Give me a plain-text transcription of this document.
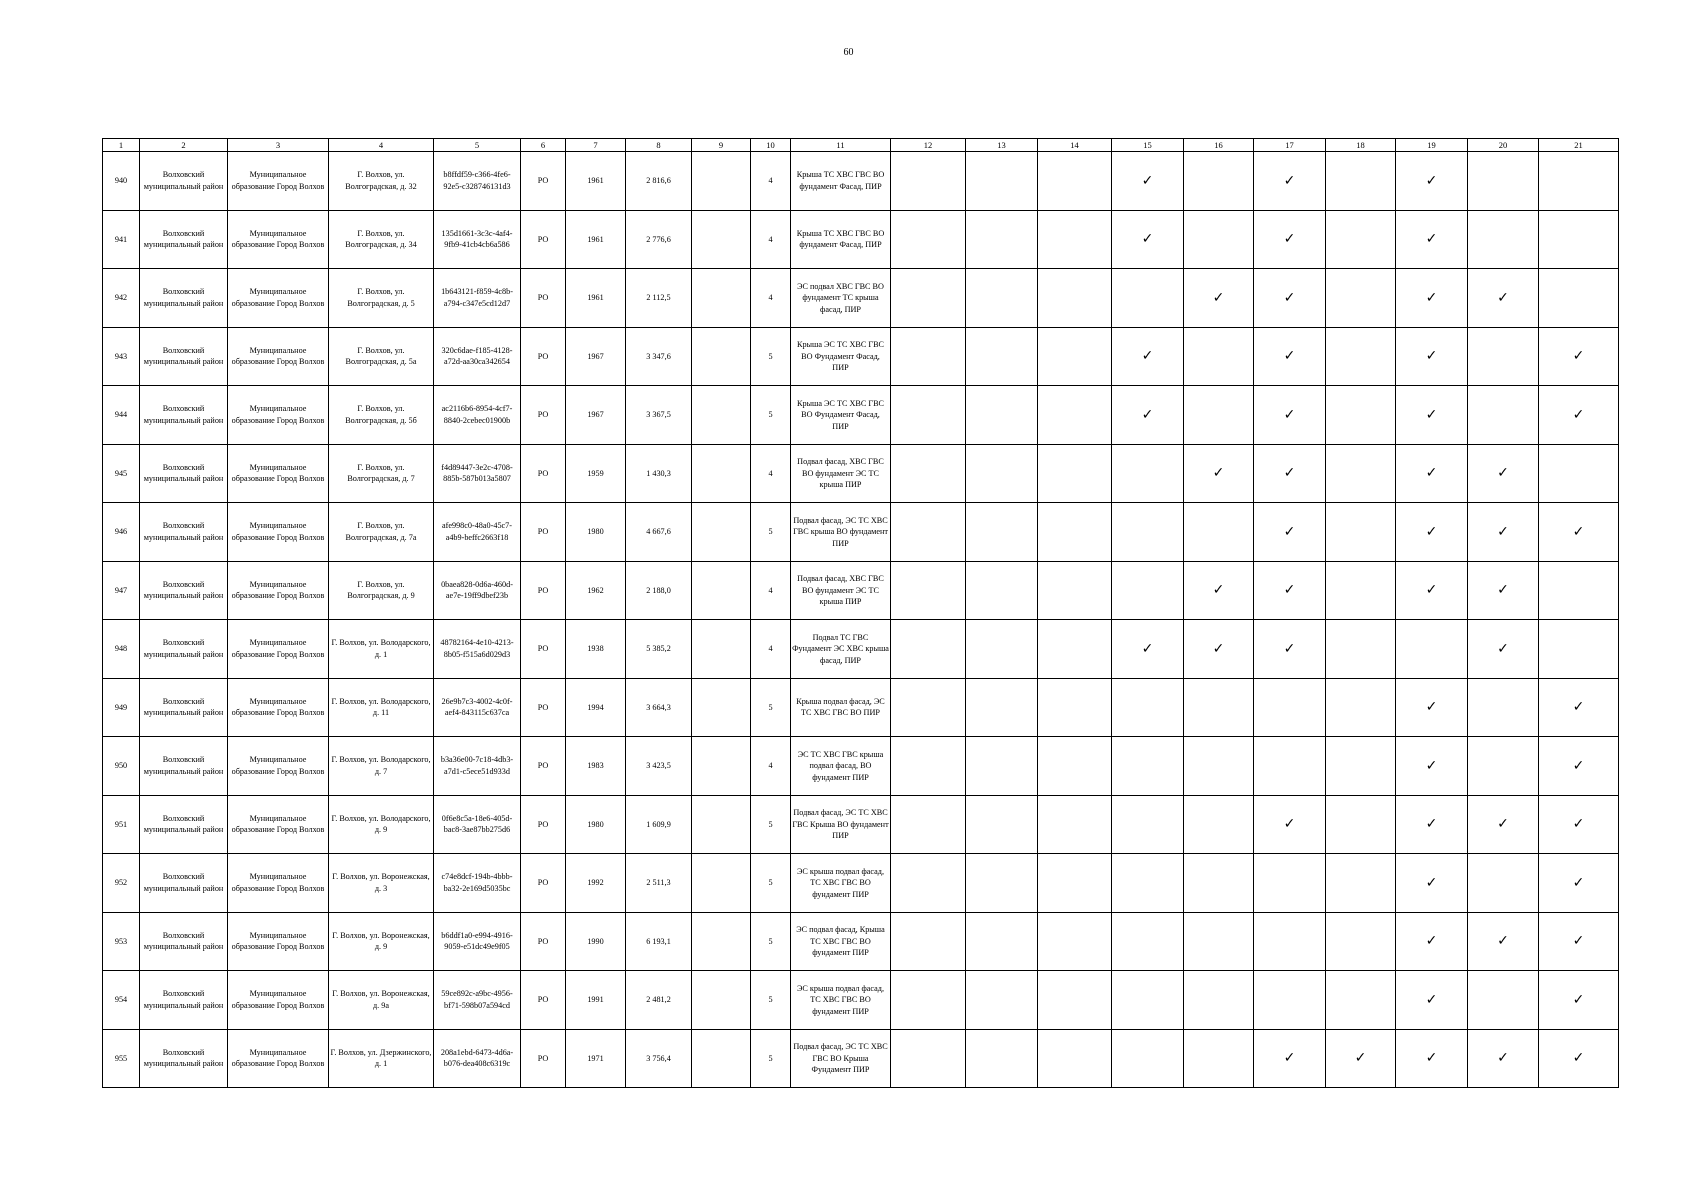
60
1	2	3	4	5	6	7	8	9	10	11	12	13	14	15	16	17	18	19	20	21
940	Волховский муниципальный район	Муниципальное образование Город Волхов	Г. Волхов, ул. Волгоградская, д. 32	b8ffdf59-c366-4fe6-92e5-c328746131d3	РО	1961	2 816,6		4	Крыша ТС ХВС ГВС ВО фундамент Фасад, ПИР				✓		✓		✓		
941	Волховский муниципальный район	Муниципальное образование Город Волхов	Г. Волхов, ул. Волгоградская, д. 34	135d1661-3c3c-4af4-9fb9-41cb4cb6a586	РО	1961	2 776,6		4	Крыша ТС ХВС ГВС ВО фундамент Фасад, ПИР				✓		✓		✓		
942	Волховский муниципальный район	Муниципальное образование Город Волхов	Г. Волхов, ул. Волгоградская, д. 5	1b643121-f859-4c8b-a794-c347e5cd12d7	РО	1961	2 112,5		4	ЭС подвал ХВС ГВС ВО фундамент ТС крыша фасад, ПИР					✓	✓		✓	✓	
943	Волховский муниципальный район	Муниципальное образование Город Волхов	Г. Волхов, ул. Волгоградская, д. 5а	320c6dae-f185-4128-a72d-aa30ca342654	РО	1967	3 347,6		5	Крыша ЭС ТС ХВС ГВС ВО Фундамент Фасад, ПИР				✓		✓		✓		✓
944	Волховский муниципальный район	Муниципальное образование Город Волхов	Г. Волхов, ул. Волгоградская, д. 5б	ac2116b6-8954-4cf7-8840-2cebec01900b	РО	1967	3 367,5		5	Крыша ЭС ТС ХВС ГВС ВО Фундамент Фасад, ПИР				✓		✓		✓		✓
945	Волховский муниципальный район	Муниципальное образование Город Волхов	Г. Волхов, ул. Волгоградская, д. 7	f4d89447-3e2c-4708-885b-587b013a5807	РО	1959	1 430,3		4	Подвал фасад, ХВС ГВС ВО фундамент ЭС ТС крыша ПИР					✓	✓		✓	✓	
946	Волховский муниципальный район	Муниципальное образование Город Волхов	Г. Волхов, ул. Волгоградская, д. 7а	afe998c0-48a0-45c7-a4b9-beffc2663f18	РО	1980	4 667,6		5	Подвал фасад, ЭС ТС ХВС ГВС крыша ВО фундамент ПИР						✓		✓	✓	✓
947	Волховский муниципальный район	Муниципальное образование Город Волхов	Г. Волхов, ул. Волгоградская, д. 9	0baea828-0d6a-460d-ae7e-19ff9dbef23b	РО	1962	2 188,0		4	Подвал фасад, ХВС ГВС ВО фундамент ЭС ТС крыша ПИР					✓	✓		✓	✓	
948	Волховский муниципальный район	Муниципальное образование Город Волхов	Г. Волхов, ул. Володарского, д. 1	48782164-4e10-4213-8b05-f515a6d029d3	РО	1938	5 385,2		4	Подвал ТС ГВС Фундамент ЭС ХВС крыша фасад, ПИР				✓	✓	✓			✓	
949	Волховский муниципальный район	Муниципальное образование Город Волхов	Г. Волхов, ул. Володарского, д. 11	26e9b7c3-4002-4c0f-aef4-843115c637ca	РО	1994	3 664,3		5	Крыша подвал фасад, ЭС ТС ХВС ГВС ВО ПИР								✓		✓
950	Волховский муниципальный район	Муниципальное образование Город Волхов	Г. Волхов, ул. Володарского, д. 7	b3a36e00-7c18-4db3-a7d1-c5ece51d933d	РО	1983	3 423,5		4	ЭС ТС ХВС ГВС крыша подвал фасад, ВО фундамент ПИР								✓		✓
951	Волховский муниципальный район	Муниципальное образование Город Волхов	Г. Волхов, ул. Володарского, д. 9	0f6e8c5a-18e6-405d-bac8-3ae87bb275d6	РО	1980	1 609,9		5	Подвал фасад, ЭС ТС ХВС ГВС Крыша ВО фундамент ПИР						✓		✓	✓	✓
952	Волховский муниципальный район	Муниципальное образование Город Волхов	Г. Волхов, ул. Воронежская, д. 3	c74e8dcf-194b-4bbb-ba32-2e169d5035bc	РО	1992	2 511,3		5	ЭС крыша подвал фасад, ТС ХВС ГВС ВО фундамент ПИР								✓		✓
953	Волховский муниципальный район	Муниципальное образование Город Волхов	Г. Волхов, ул. Воронежская, д. 9	b6ddf1a0-e994-4916-9059-e51dc49e9f05	РО	1990	6 193,1		5	ЭС подвал фасад, Крыша ТС ХВС ГВС ВО фундамент ПИР								✓	✓	✓
954	Волховский муниципальный район	Муниципальное образование Город Волхов	Г. Волхов, ул. Воронежская, д. 9а	59ce892c-a9bc-4956-bf71-598b07a594cd	РО	1991	2 481,2		5	ЭС крыша подвал фасад, ТС ХВС ГВС ВО фундамент ПИР								✓		✓
955	Волховский муниципальный район	Муниципальное образование Город Волхов	Г. Волхов, ул. Дзержинского, д. 1	208a1ebd-6473-4d6a-b076-dea408c6319c	РО	1971	3 756,4		5	Подвал фасад, ЭС ТС ХВС ГВС ВО Крыша Фундамент ПИР						✓	✓	✓	✓	✓
